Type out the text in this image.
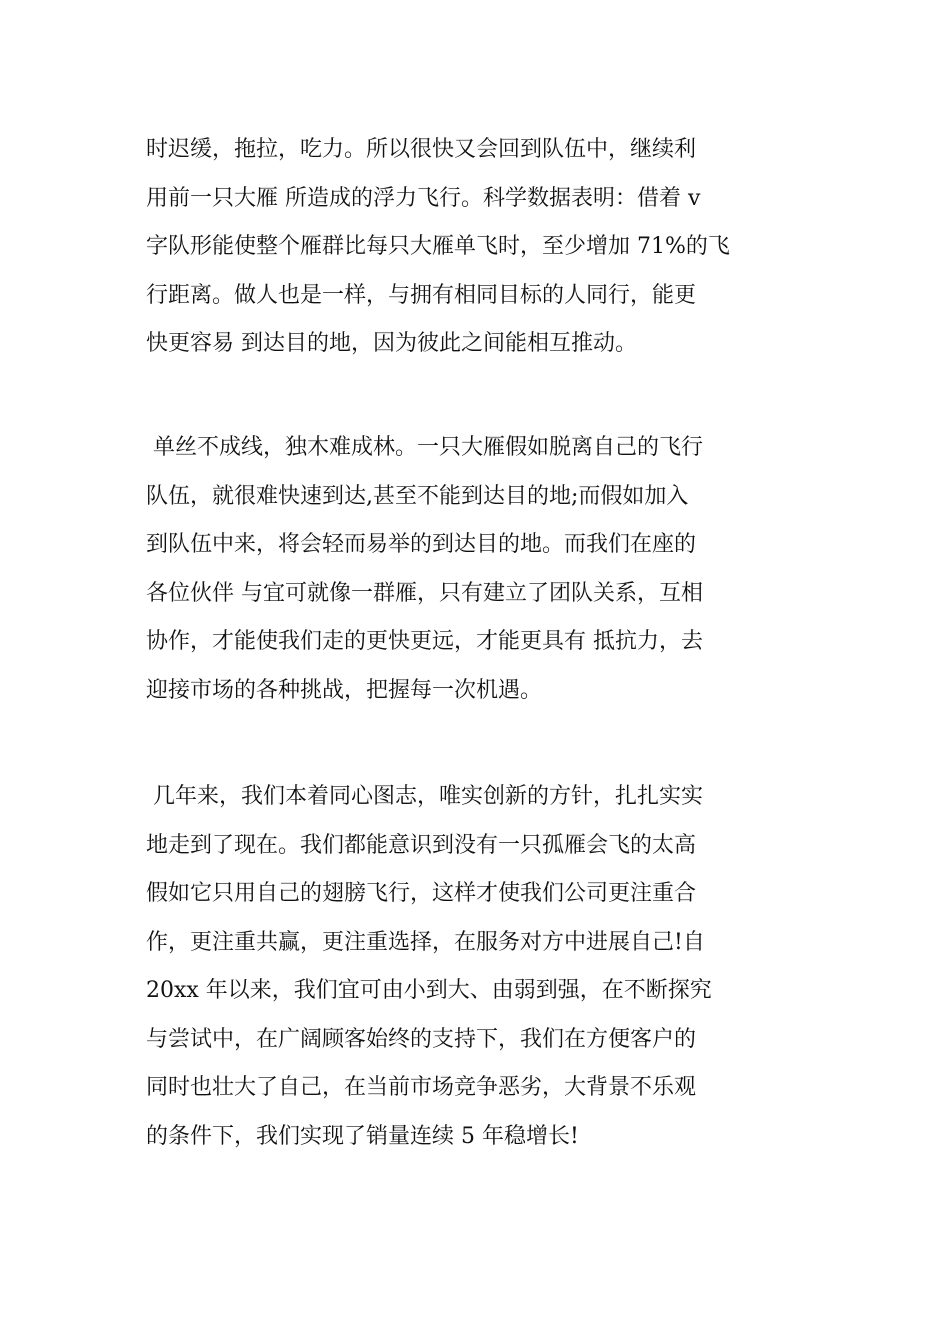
时迟缓，拖拉，吃力。所以很快又会回到队伍中，继续利
用前一只大雁 所造成的浮力飞行。科学数据表明：借着 v
字队形能使整个雁群比每只大雁单飞时，至少增加 71%的飞
行距离。做人也是一样，与拥有相同目标的人同行，能更
快更容易 到达目的地，因为彼此之间能相互推动。
单丝不成线，独木难成林。一只大雁假如脱离自己的飞行
队伍，就很难快速到达,甚至不能到达目的地;而假如加入
到队伍中来，将会轻而易举的到达目的地。而我们在座的
各位伙伴 与宜可就像一群雁，只有建立了团队关系，互相
协作，才能使我们走的更快更远，才能更具有 抵抗力，去
迎接市场的各种挑战，把握每一次机遇。
几年来，我们本着同心图志，唯实创新的方针，扎扎实实
地走到了现在。我们都能意识到没有一只孤雁会飞的太高
假如它只用自己的翅膀飞行，这样才使我们公司更注重合
作，更注重共赢，更注重选择，在服务对方中进展自己!自
20xx 年以来，我们宜可由小到大、由弱到强，在不断探究
与尝试中，在广阔顾客始终的支持下，我们在方便客户的
同时也壮大了自己，在当前市场竞争恶劣，大背景不乐观
的条件下，我们实现了销量连续 5 年稳增长!
